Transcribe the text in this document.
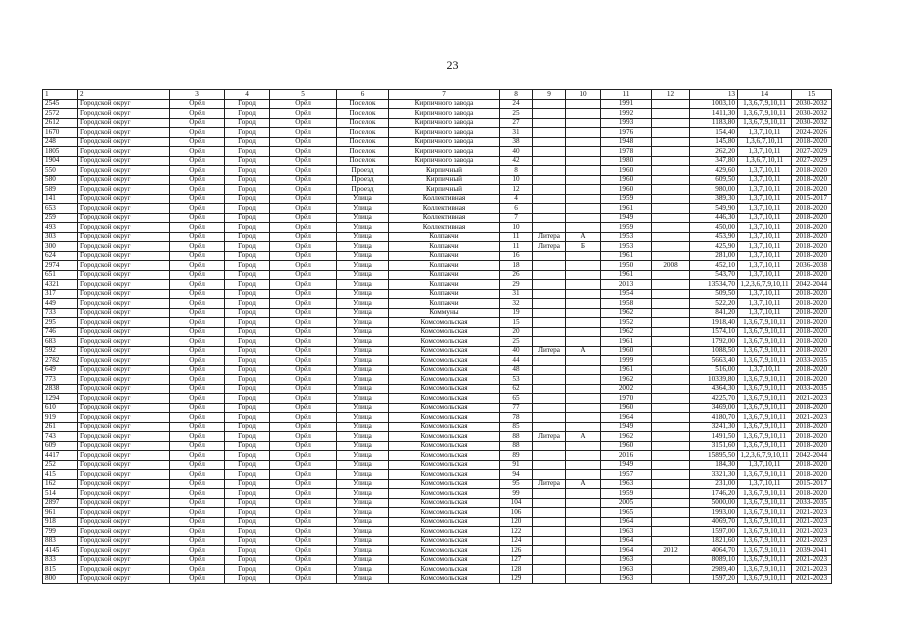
23
1	2	3	4	5	6	7	8	9	10	11	12	13	14	15
2545	Городской округ	Орёл	Город	Орёл	Поселок	Кирпичного завода	24			1991		1003,10	1,3,6,7,9,10,11	2030-2032
2572	Городской округ	Орёл	Город	Орёл	Поселок	Кирпичного завода	25			1992		1411,30	1,3,6,7,9,10,11	2030-2032
2612	Городской округ	Орёл	Город	Орёл	Поселок	Кирпичного завода	27			1993		1183,80	1,3,6,7,9,10,11	2030-2032
1670	Городской округ	Орёл	Город	Орёл	Поселок	Кирпичного завода	31			1976		154,40	1,3,7,10,11	2024-2026
248	Городской округ	Орёл	Город	Орёл	Поселок	Кирпичного завода	38			1948		145,80	1,3,6,7,10,11	2018-2020
1805	Городской округ	Орёл	Город	Орёл	Поселок	Кирпичного завода	40			1978		262,20	1,3,7,10,11	2027-2029
1904	Городской округ	Орёл	Город	Орёл	Поселок	Кирпичного завода	42			1980		347,80	1,3,6,7,10,11	2027-2029
550	Городской округ	Орёл	Город	Орёл	Проезд	Кирпичный	8			1960		429,60	1,3,7,10,11	2018-2020
580	Городской округ	Орёл	Город	Орёл	Проезд	Кирпичный	10			1960		609,50	1,3,7,10,11	2018-2020
589	Городской округ	Орёл	Город	Орёл	Проезд	Кирпичный	12			1960		980,00	1,3,7,10,11	2018-2020
141	Городской округ	Орёл	Город	Орёл	Улица	Коллективная	4			1959		389,30	1,3,7,10,11	2015-2017
653	Городской округ	Орёл	Город	Орёл	Улица	Коллективная	6			1961		549,90	1,3,7,10,11	2018-2020
259	Городской округ	Орёл	Город	Орёл	Улица	Коллективная	7			1949		446,30	1,3,7,10,11	2018-2020
493	Городской округ	Орёл	Город	Орёл	Улица	Коллективная	10			1959		450,00	1,3,7,10,11	2018-2020
303	Городской округ	Орёл	Город	Орёл	Улица	Колпакчи	11	Литера	А	1953		453,90	1,3,7,10,11	2018-2020
300	Городской округ	Орёл	Город	Орёл	Улица	Колпакчи	11	Литера	Б	1953		425,90	1,3,7,10,11	2018-2020
624	Городской округ	Орёл	Город	Орёл	Улица	Колпакчи	16			1961		281,00	1,3,7,10,11	2018-2020
2974	Городской округ	Орёл	Город	Орёл	Улица	Колпакчи	18			1950	2008	452,10	1,3,7,10,11	2036-2038
651	Городской округ	Орёл	Город	Орёл	Улица	Колпакчи	26			1961		543,70	1,3,7,10,11	2018-2020
4321	Городской округ	Орёл	Город	Орёл	Улица	Колпакчи	29			2013		13534,70	1,2,3,6,7,9,10,11	2042-2044
317	Городской округ	Орёл	Город	Орёл	Улица	Колпакчи	31			1954		509,50	1,3,7,10,11	2018-2020
449	Городской округ	Орёл	Город	Орёл	Улица	Колпакчи	32			1958		522,20	1,3,7,10,11	2018-2020
733	Городской округ	Орёл	Город	Орёл	Улица	Коммуны	19			1962		841,20	1,3,7,10,11	2018-2020
295	Городской округ	Орёл	Город	Орёл	Улица	Комсомольская	15			1952		1918,40	1,3,6,7,9,10,11	2018-2020
746	Городской округ	Орёл	Город	Орёл	Улица	Комсомольская	20			1962		1574,10	1,3,6,7,9,10,11	2018-2020
683	Городской округ	Орёл	Город	Орёл	Улица	Комсомольская	25			1961		1792,00	1,3,6,7,9,10,11	2018-2020
592	Городской округ	Орёл	Город	Орёл	Улица	Комсомольская	40	Литера	А	1960		1088,50	1,3,6,7,9,10,11	2018-2020
2782	Городской округ	Орёл	Город	Орёл	Улица	Комсомольская	44			1999		5663,40	1,3,6,7,9,10,11	2033-2035
649	Городской округ	Орёл	Город	Орёл	Улица	Комсомольская	48			1961		516,00	1,3,7,10,11	2018-2020
773	Городской округ	Орёл	Город	Орёл	Улица	Комсомольская	53			1962		10339,80	1,3,6,7,9,10,11	2018-2020
2838	Городской округ	Орёл	Город	Орёл	Улица	Комсомольская	62			2002		4364,30	1,3,6,7,9,10,11	2033-2035
1294	Городской округ	Орёл	Город	Орёл	Улица	Комсомольская	65			1970		4225,70	1,3,6,7,9,10,11	2021-2023
610	Городской округ	Орёл	Город	Орёл	Улица	Комсомольская	77			1960		3469,00	1,3,6,7,9,10,11	2018-2020
919	Городской округ	Орёл	Город	Орёл	Улица	Комсомольская	78			1964		4180,70	1,3,6,7,9,10,11	2021-2023
261	Городской округ	Орёл	Город	Орёл	Улица	Комсомольская	85			1949		3241,30	1,3,6,7,9,10,11	2018-2020
743	Городской округ	Орёл	Город	Орёл	Улица	Комсомольская	88	Литера	А	1962		1491,50	1,3,6,7,9,10,11	2018-2020
609	Городской округ	Орёл	Город	Орёл	Улица	Комсомольская	88			1960		3151,60	1,3,6,7,9,10,11	2018-2020
4417	Городской округ	Орёл	Город	Орёл	Улица	Комсомольская	89			2016		15895,50	1,2,3,6,7,9,10,11	2042-2044
252	Городской округ	Орёл	Город	Орёл	Улица	Комсомольская	91			1949		184,30	1,3,7,10,11	2018-2020
415	Городской округ	Орёл	Город	Орёл	Улица	Комсомольская	94			1957		3321,30	1,3,6,7,9,10,11	2018-2020
162	Городской округ	Орёл	Город	Орёл	Улица	Комсомольская	95	Литера	А	1963		231,00	1,3,7,10,11	2015-2017
514	Городской округ	Орёл	Город	Орёл	Улица	Комсомольская	99			1959		1746,20	1,3,6,7,9,10,11	2018-2020
2897	Городской округ	Орёл	Город	Орёл	Улица	Комсомольская	104			2005		5000,00	1,3,6,7,9,10,11	2033-2035
961	Городской округ	Орёл	Город	Орёл	Улица	Комсомольская	106			1965		1993,00	1,3,6,7,9,10,11	2021-2023
918	Городской округ	Орёл	Город	Орёл	Улица	Комсомольская	120			1964		4069,70	1,3,6,7,9,10,11	2021-2023
799	Городской округ	Орёл	Город	Орёл	Улица	Комсомольская	122			1963		1597,00	1,3,6,7,9,10,11	2021-2023
883	Городской округ	Орёл	Город	Орёл	Улица	Комсомольская	124			1964		1821,60	1,3,6,7,9,10,11	2021-2023
4145	Городской округ	Орёл	Город	Орёл	Улица	Комсомольская	126			1964	2012	4064,70	1,3,6,7,9,10,11	2039-2041
833	Городской округ	Орёл	Город	Орёл	Улица	Комсомольская	127			1963		8089,10	1,3,6,7,9,10,11	2021-2023
815	Городской округ	Орёл	Город	Орёл	Улица	Комсомольская	128			1963		2989,40	1,3,6,7,9,10,11	2021-2023
800	Городской округ	Орёл	Город	Орёл	Улица	Комсомольская	129			1963		1597,20	1,3,6,7,9,10,11	2021-2023
